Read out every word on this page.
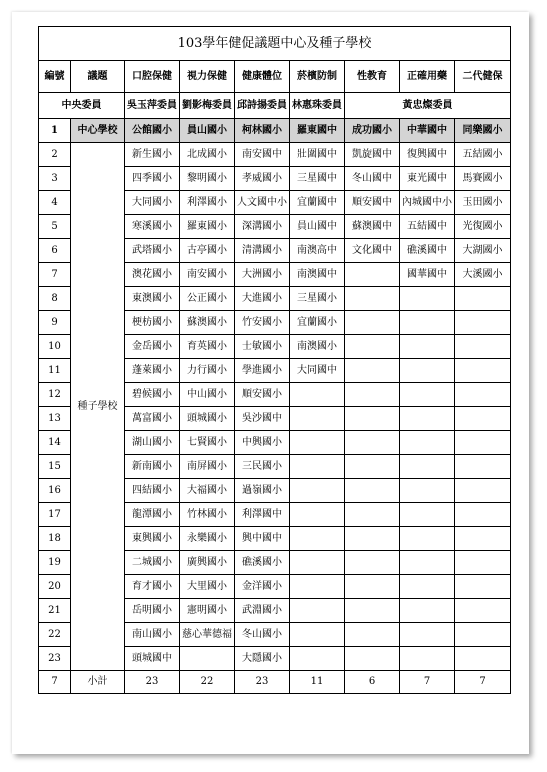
103學年健促議題中心及種子學校								
編號	議題	口腔保健	視力保健	健康體位	菸檳防制	性教育	正確用藥	二代健保
中央委員		吳玉萍委員	劉影梅委員	邱詩揚委員	林惠珠委員	黃忠燦委員		
1	中心學校	公館國小	員山國小	柯林國小	羅東國中	成功國小	中華國中	同樂國小
2	種子學校	新生國小	北成國小	南安國中	壯圍國中	凱旋國中	復興國中	五結國小
3		四季國小	黎明國小	孝威國小	三星國中	冬山國中	東光國中	馬賽國小
4		大同國小	利澤國小	人文國中小	宜蘭國中	順安國中	內城國中小	玉田國小
5		寒溪國小	羅東國小	深溝國小	員山國中	蘇澳國中	五結國中	光復國小
6		武塔國小	古亭國小	清溝國小	南澳高中	文化國中	礁溪國中	大湖國小
7		澳花國小	南安國小	大洲國小	南澳國中		國華國中	大溪國小
8		東澳國小	公正國小	大進國小	三星國小			
9		梗枋國小	蘇澳國小	竹安國小	宜蘭國小			
10		金岳國小	育英國小	士敏國小	南澳國小			
11		蓬萊國小	力行國小	學進國小	大同國中			
12		碧候國小	中山國小	順安國小				
13		萬富國小	頭城國小	吳沙國中				
14		湖山國小	七賢國小	中興國小				
15		新南國小	南屏國小	三民國小				
16		四結國小	大福國小	過嶺國小				
17		龍潭國小	竹林國小	利澤國中				
18		東興國小	永樂國小	興中國中				
19		二城國小	廣興國小	礁溪國小				
20		育才國小	大里國小	金洋國小				
21		岳明國小	憲明國小	武淵國小				
22		南山國小	慈心華德福	冬山國小				
23		頭城國中		大隱國小				
7	小計	23	22	23	11	6	7	7
